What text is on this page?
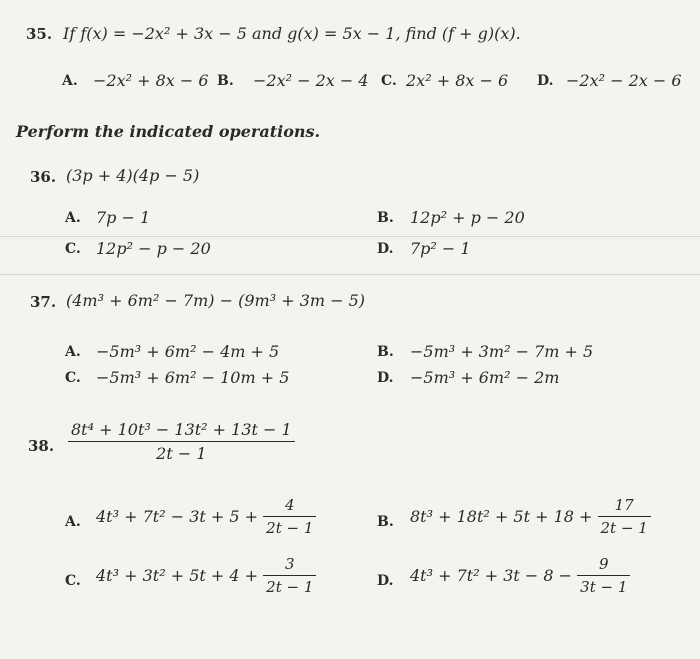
35. If f(x) = −2x² + 3x − 5 and g(x) = 5x − 1, find (f + g)(x).
A. −2x² + 8x − 6 B. −2x² − 2x − 4 C. 2x² + 8x − 6 D. −2x² − 2x − 6
Perform the indicated operations.
36. (3p + 4)(4p − 5)
A. 7p − 1	B. 12p² + p − 20
C. 12p² − p − 20	D. 7p² − 1
37. (4m³ + 6m² − 7m) − (9m³ + 3m − 5)
A. −5m³ + 6m² − 4m + 5	B. −5m³ + 3m² − 7m + 5
C. −5m³ + 6m² − 10m + 5	D. −5m³ + 6m² − 2m
38. $\frac{\text{8t⁴ + 10t³ − 13t² + 13t − 1}}{2t - 1}$
A. $4t^3 + 7t^2 - 3t + 5 + \frac{4}{2t - 1}$	B. $8t^3 + 18t^2 + 5t + 18 + \frac{17}{2t - 1}$
C. $4t^3 + 3t^2 + 5t + 4 + \frac{3}{2t - 1}$	D. $4t^3 + 7t^2 + 3t - 8 - \frac{9}{3t - 1}$
